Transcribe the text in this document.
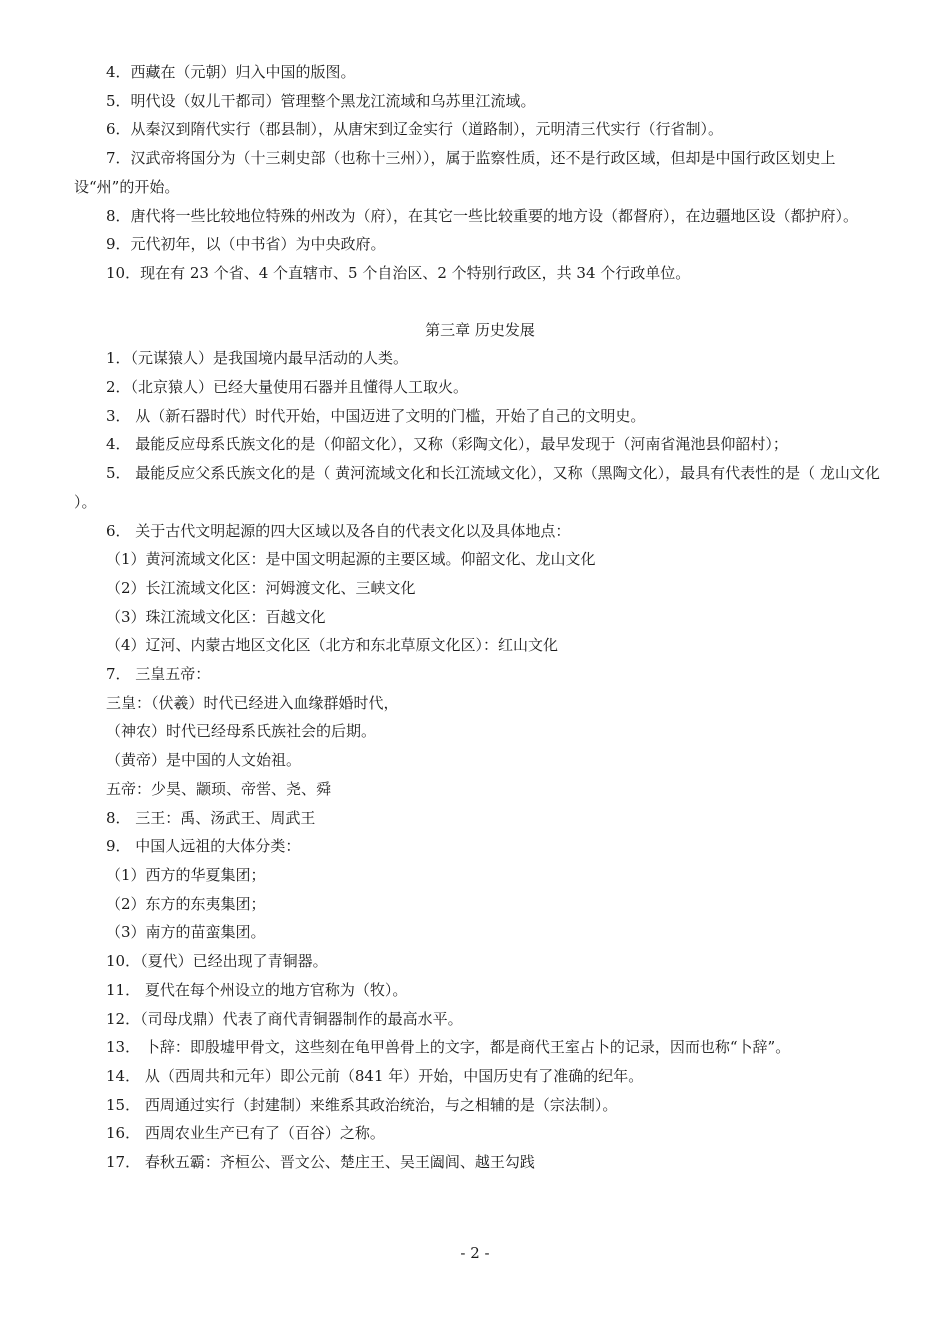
4．西藏在（元朝）归入中国的版图。
5．明代设（奴儿干都司）管理整个黑龙江流域和乌苏里江流域。
6．从秦汉到隋代实行（郡县制），从唐宋到辽金实行（道路制），元明清三代实行（行省制）。
7．汉武帝将国分为（十三刺史部（也称十三州）），属于监察性质，还不是行政区域，但却是中国行政区划史上设“州”的开始。
8．唐代将一些比较地位特殊的州改为（府），在其它一些比较重要的地方设（都督府），在边疆地区设（都护府）。
9．元代初年，以（中书省）为中央政府。
10．现在有 23 个省、4 个直辖市、5 个自治区、2 个特别行政区，共 34 个行政单位。
第三章 历史发展
1．（元谋猿人）是我国境内最早活动的人类。
2．（北京猿人）已经大量使用石器并且懂得人工取火。
3． 从（新石器时代）时代开始，中国迈进了文明的门槛，开始了自己的文明史。
4． 最能反应母系氏族文化的是（仰韶文化），又称（彩陶文化），最早发现于（河南省渑池县仰韶村）；
5． 最能反应父系氏族文化的是（ 黄河流域文化和长江流域文化），又称（黑陶文化），最具有代表性的是（ 龙山文化 ）。
6． 关于古代文明起源的四大区域以及各自的代表文化以及具体地点：
（1）黄河流域文化区：是中国文明起源的主要区域。仰韶文化、龙山文化
（2）长江流域文化区：河姆渡文化、三峡文化
（3）珠江流域文化区：百越文化
（4）辽河、内蒙古地区文化区（北方和东北草原文化区）：红山文化
7． 三皇五帝：
三皇：（伏羲）时代已经进入血缘群婚时代，
（神农）时代已经母系氏族社会的后期。
（黄帝）是中国的人文始祖。
五帝：少昊、颛顼、帝喾、尧、舜
8． 三王：禹、汤武王、周武王
9． 中国人远祖的大体分类：
（1）西方的华夏集团；
（2）东方的东夷集团；
（3）南方的苗蛮集团。
10．（夏代）已经出现了青铜器。
11． 夏代在每个州设立的地方官称为（牧）。
12．（司母戊鼎）代表了商代青铜器制作的最高水平。
13． 卜辞：即殷墟甲骨文，这些刻在龟甲兽骨上的文字，都是商代王室占卜的记录，因而也称“卜辞”。
14． 从（西周共和元年）即公元前（841 年）开始，中国历史有了准确的纪年。
15． 西周通过实行（封建制）来维系其政治统治，与之相辅的是（宗法制）。
16． 西周农业生产已有了（百谷）之称。
17． 春秋五霸：齐桓公、晋文公、楚庄王、吴王阖闾、越王勾践
- 2 -
